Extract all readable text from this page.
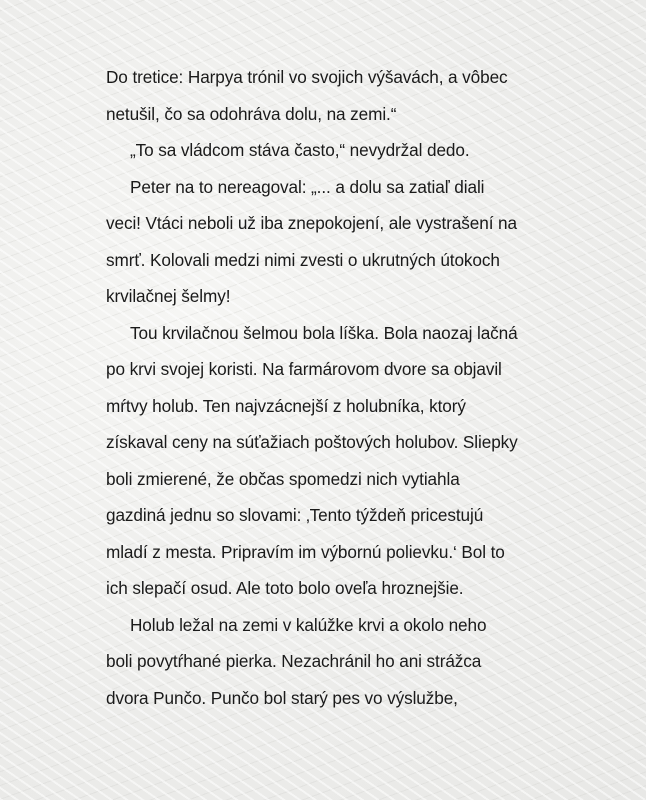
Do tretice: Harpya trónil vo svojich výšavách, a vôbec
netušil, čo sa odohráva dolu, na zemi.“
„To sa vládcom stáva často,“ nevydržal dedo.
Peter na to nereagoval: „... a dolu sa zatiaľ diali
veci! Vtáci neboli už iba znepokojení, ale vystrašení na
smrť. Kolovali medzi nimi zvesti o ukrutných útokoch
krvilačnej šelmy!
Tou krvilačnou šelmou bola líška. Bola naozaj lačná
po krvi svojej koristi. Na farmárovom dvore sa objavil
mŕtvy holub. Ten najvzácnejší z holubníka, ktorý
získaval ceny na súťažiach poštových holubov. Sliepky
boli zmierené, že občas spomedzi nich vytiahla
gazdiná jednu so slovami: ‚Tento týždeň pricestujú
mladí z mesta. Pripravím im výbornú polievku.‘ Bol to
ich slepačí osud. Ale toto bolo oveľa hroznejšie.
Holub ležal na zemi v kalúžke krvi a okolo neho
boli povytŕhané pierka. Nezachránil ho ani strážca
dvora Punčo. Punčo bol starý pes vo výslužbe,
